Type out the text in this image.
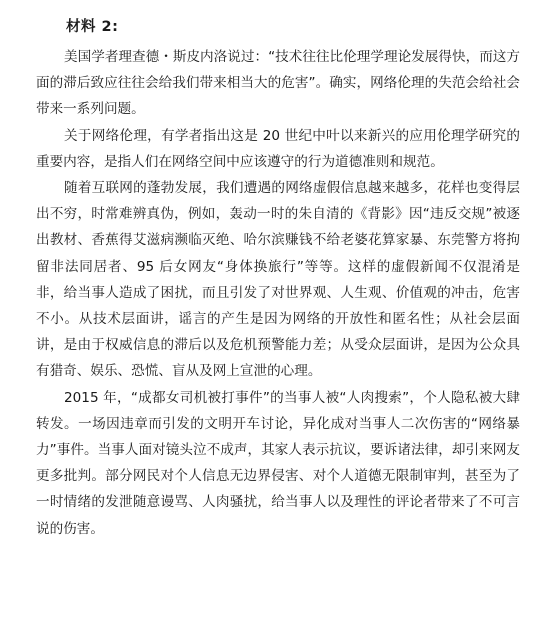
材料 2:

美国学者理查德・斯皮内洛说过：“技术往往比伦理学理论发展得快，而这方面的滞后致应往往会给我们带来相当大的危害”。确实，网络伦理的失范会给社会带来一系列问题。

关于网络伦理，有学者指出这是 20 世纪中叶以来新兴的应用伦理学研究的重要内容，是指人们在网络空间中应该遵守的行为道德准则和规范。

随着互联网的蓬勃发展，我们遭遇的网络虚假信息越来越多，花样也变得层出不穷，时常难辨真伪，例如，轰动一时的朱自清的《背影》因“违反交规”被逐出教材、香蕉得艾滋病濒临灭绝、哈尔滨赚钱不给老婆花算家暴、东莞警方将拘留非法同居者、95 后女网友“身体换旅行”等等。这样的虚假新闻不仅混淆是非，给当事人造成了困扰，而且引发了对世界观、人生观、价值观的冲击，危害不小。从技术层面讲，谣言的产生是因为网络的开放性和匿名性；从社会层面讲，是由于权威信息的滞后以及危机预警能力差；从受众层面讲，是因为公众具有猎奇、娱乐、恐慌、盲从及网上宣泄的心理。

2015 年，“成都女司机被打事件”的当事人被“人肉搜索”，个人隐私被大肆转发。一场因违章而引发的文明开车讨论，异化成对当事人二次伤害的“网络暴力”事件。当事人面对镜头泣不成声，其家人表示抗议，要诉诸法律，却引来网友更多批判。部分网民对个人信息无边界侵害、对个人道德无限制审判，甚至为了一时情绪的发泄随意谩骂、人肉骚扰，给当事人以及理性的评论者带来了不可言说的伤害。
